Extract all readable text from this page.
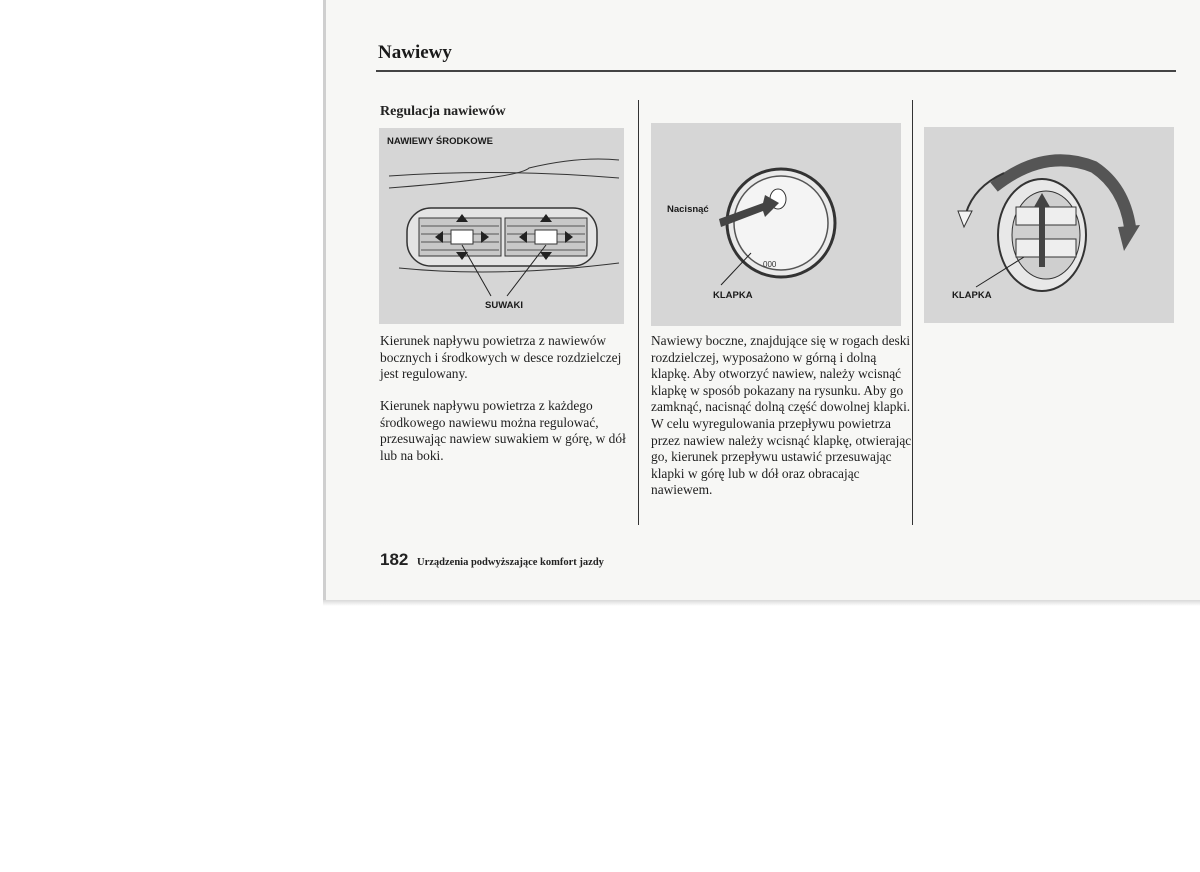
Nawiewy
Regulacja nawiewów
NAWIEWY ŚRODKOWE
SUWAKI
000
Nacisnąć
KLAPKA	KLAPKA
Kierunek napływu powietrza z nawiewów bocznych i środkowych w desce rozdzielczej jest regulowany.
Kierunek napływu powietrza z każdego środkowego nawiewu można regulować, przesuwając nawiew suwakiem w górę, w dół lub na boki.
Nawiewy boczne, znajdujące się w rogach deski rozdzielczej, wyposażono w górną i dolną klapkę. Aby otworzyć nawiew, należy wcisnąć klapkę w sposób pokazany na rysunku. Aby go zamknąć, nacisnąć dolną część dowolnej klapki. W celu wyregulowania przepływu powietrza przez nawiew należy wcisnąć klapkę, otwierając go, kierunek przepływu ustawić przesuwając klapki w górę lub w dół oraz obracając nawiewem.
182 Urządzenia podwyższające komfort jazdy
